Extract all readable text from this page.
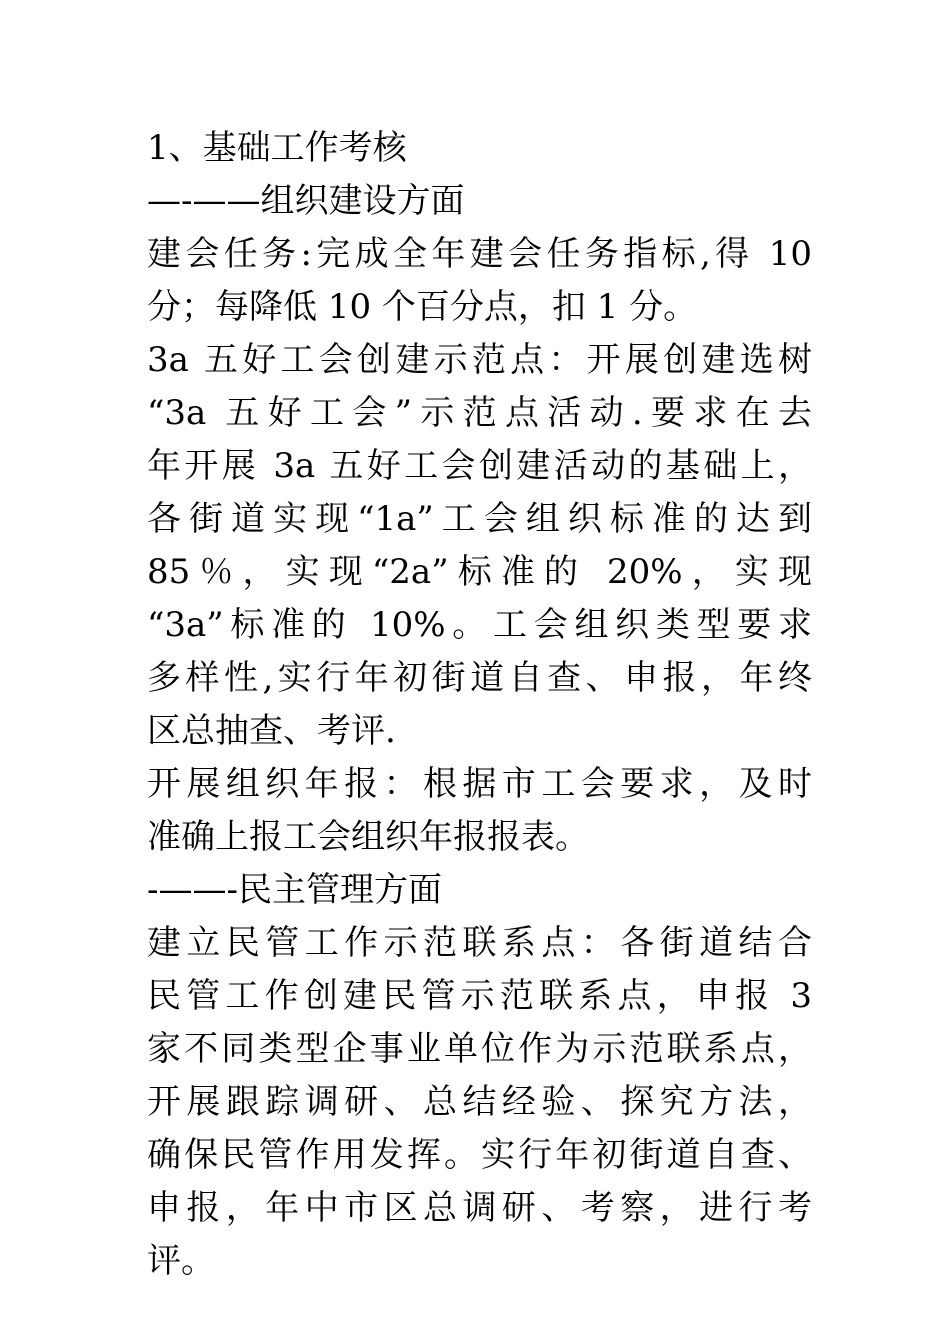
1、基础工作考核
—-——组织建设方面
建会任务:完成全年建会任务指标,得 10
分；每降低 10 个百分点，扣 1 分。
3a 五好工会创建示范点：开展创建选树
“3a 五好工会”示范点活动.要求在去
年开展 3a 五好工会创建活动的基础上，
各街道实现“1a”工会组织标准的达到
85％，实现“2a”标准的 20%，实现
“3a”标准的 10%。工会组织类型要求
多样性,实行年初街道自查、申报，年终
区总抽查、考评.
开展组织年报：根据市工会要求，及时
准确上报工会组织年报报表。
-——-民主管理方面
建立民管工作示范联系点：各街道结合
民管工作创建民管示范联系点，申报 3
家不同类型企事业单位作为示范联系点，
开展跟踪调研、总结经验、探究方法，
确保民管作用发挥。实行年初街道自查、
申报，年中市区总调研、考察，进行考
评。
